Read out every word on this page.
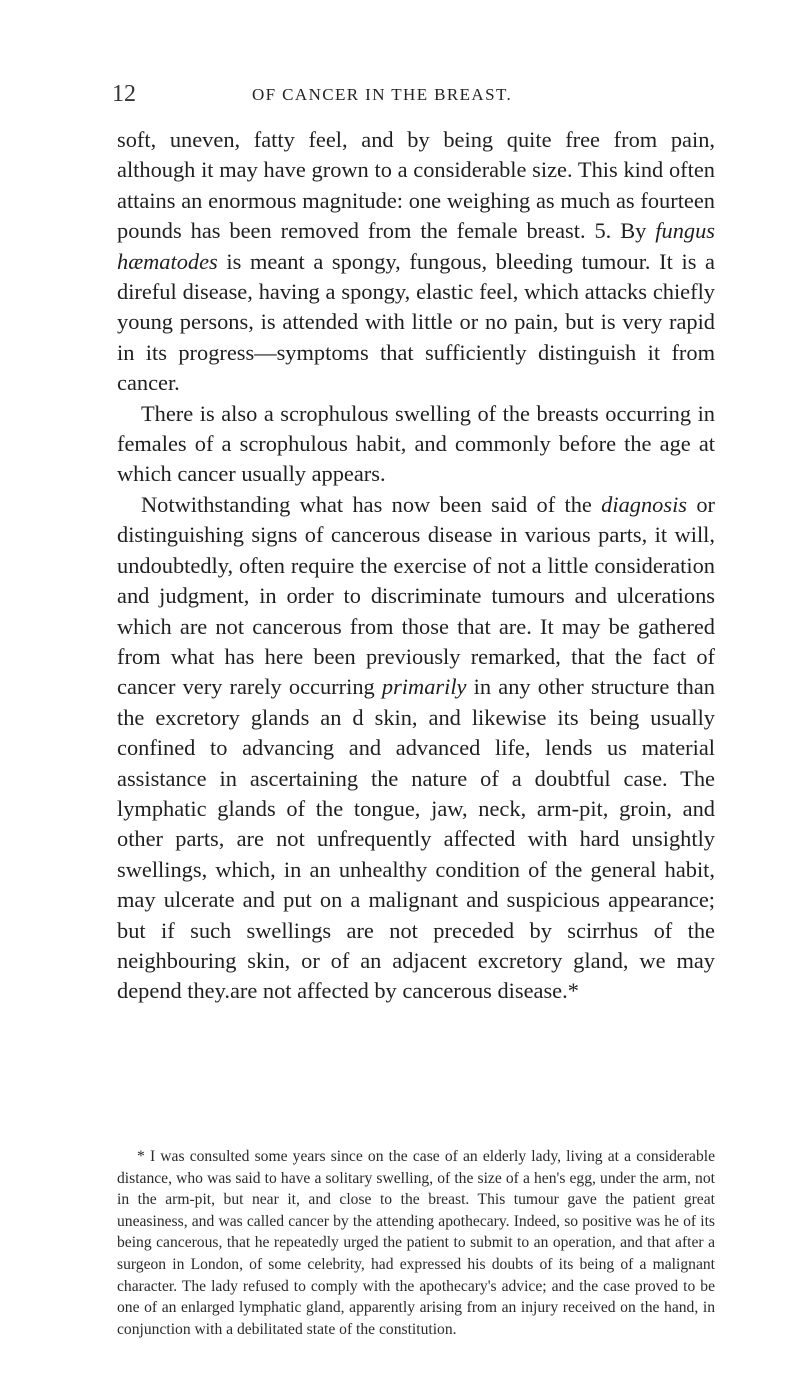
12	OF CANCER IN THE BREAST.

soft, uneven, fatty feel, and by being quite free from pain, although it may have grown to a considerable size. This kind often attains an enormous magnitude: one weighing as much as fourteen pounds has been removed from the female breast. 5. By fungus hæmatodes is meant a spongy, fungous, bleeding tumour. It is a direful disease, having a spongy, elastic feel, which attacks chiefly young persons, is attended with little or no pain, but is very rapid in its progress—symptoms that sufficiently distinguish it from cancer.

There is also a scrophulous swelling of the breasts occurring in females of a scrophulous habit, and commonly before the age at which cancer usually appears.

Notwithstanding what has now been said of the diagnosis or distinguishing signs of cancerous disease in various parts, it will, undoubtedly, often require the exercise of not a little consideration and judgment, in order to discriminate tumours and ulcerations which are not cancerous from those that are. It may be gathered from what has here been previously remarked, that the fact of cancer very rarely occurring primarily in any other structure than the excretory glands an d skin, and likewise its being usually confined to advancing and advanced life, lends us material assistance in ascertaining the nature of a doubtful case. The lymphatic glands of the tongue, jaw, neck, arm-pit, groin, and other parts, are not unfrequently affected with hard unsightly swellings, which, in an unhealthy condition of the general habit, may ulcerate and put on a malignant and suspicious appearance; but if such swellings are not preceded by scirrhus of the neighbouring skin, or of an adjacent excretory gland, we may depend they.are not affected by cancerous disease.*

* I was consulted some years since on the case of an elderly lady, living at a considerable distance, who was said to have a solitary swelling, of the size of a hen's egg, under the arm, not in the arm-pit, but near it, and close to the breast. This tumour gave the patient great uneasiness, and was called cancer by the attending apothecary. Indeed, so positive was he of its being cancerous, that he repeatedly urged the patient to submit to an operation, and that after a surgeon in London, of some celebrity, had expressed his doubts of its being of a malignant character. The lady refused to comply with the apothecary's advice; and the case proved to be one of an enlarged lymphatic gland, apparently arising from an injury received on the hand, in conjunction with a debilitated state of the constitution.
